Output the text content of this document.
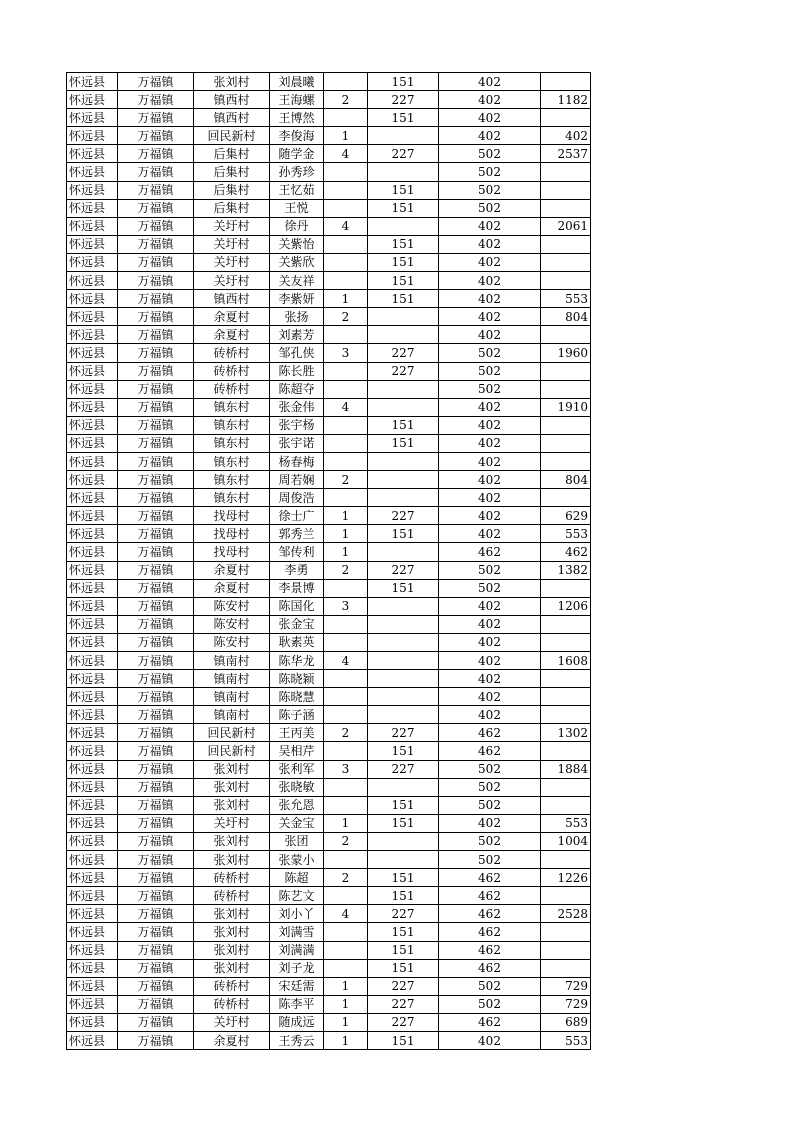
怀远县	万福镇	张刘村	刘晨曦		151	402	
怀远县	万福镇	镇西村	王海螺	2	227	402	1182
怀远县	万福镇	镇西村	王博然		151	402	
怀远县	万福镇	回民新村	李俊海	1		402	402
怀远县	万福镇	后集村	随学金	4	227	502	2537
怀远县	万福镇	后集村	孙秀珍			502	
怀远县	万福镇	后集村	王忆茹		151	502	
怀远县	万福镇	后集村	王悦		151	502	
怀远县	万福镇	关圩村	徐丹	4		402	2061
怀远县	万福镇	关圩村	关紫怡		151	402	
怀远县	万福镇	关圩村	关紫欣		151	402	
怀远县	万福镇	关圩村	关友祥		151	402	
怀远县	万福镇	镇西村	李紫妍	1	151	402	553
怀远县	万福镇	余夏村	张扬	2		402	804
怀远县	万福镇	余夏村	刘素芳			402	
怀远县	万福镇	砖桥村	邹孔侠	3	227	502	1960
怀远县	万福镇	砖桥村	陈长胜		227	502	
怀远县	万福镇	砖桥村	陈超夺			502	
怀远县	万福镇	镇东村	张金伟	4		402	1910
怀远县	万福镇	镇东村	张宇杨		151	402	
怀远县	万福镇	镇东村	张宇诺		151	402	
怀远县	万福镇	镇东村	杨春梅			402	
怀远县	万福镇	镇东村	周若娴	2		402	804
怀远县	万福镇	镇东村	周俊浩			402	
怀远县	万福镇	找母村	徐士广	1	227	402	629
怀远县	万福镇	找母村	郭秀兰	1	151	402	553
怀远县	万福镇	找母村	邹传利	1		462	462
怀远县	万福镇	余夏村	李勇	2	227	502	1382
怀远县	万福镇	余夏村	李景博		151	502	
怀远县	万福镇	陈安村	陈国化	3		402	1206
怀远县	万福镇	陈安村	张金宝			402	
怀远县	万福镇	陈安村	耿素英			402	
怀远县	万福镇	镇南村	陈华龙	4		402	1608
怀远县	万福镇	镇南村	陈晓颖			402	
怀远县	万福镇	镇南村	陈晓慧			402	
怀远县	万福镇	镇南村	陈子涵			402	
怀远县	万福镇	回民新村	王丙美	2	227	462	1302
怀远县	万福镇	回民新村	吴相芹		151	462	
怀远县	万福镇	张刘村	张利军	3	227	502	1884
怀远县	万福镇	张刘村	张晓敏			502	
怀远县	万福镇	张刘村	张允恩		151	502	
怀远县	万福镇	关圩村	关金宝	1	151	402	553
怀远县	万福镇	张刘村	张团	2		502	1004
怀远县	万福镇	张刘村	张蒙小			502	
怀远县	万福镇	砖桥村	陈超	2	151	462	1226
怀远县	万福镇	砖桥村	陈艺文		151	462	
怀远县	万福镇	张刘村	刘小丫	4	227	462	2528
怀远县	万福镇	张刘村	刘满雪		151	462	
怀远县	万福镇	张刘村	刘满满		151	462	
怀远县	万福镇	张刘村	刘子龙		151	462	
怀远县	万福镇	砖桥村	宋廷需	1	227	502	729
怀远县	万福镇	砖桥村	陈李平	1	227	502	729
怀远县	万福镇	关圩村	随成远	1	227	462	689
怀远县	万福镇	余夏村	王秀云	1	151	402	553
